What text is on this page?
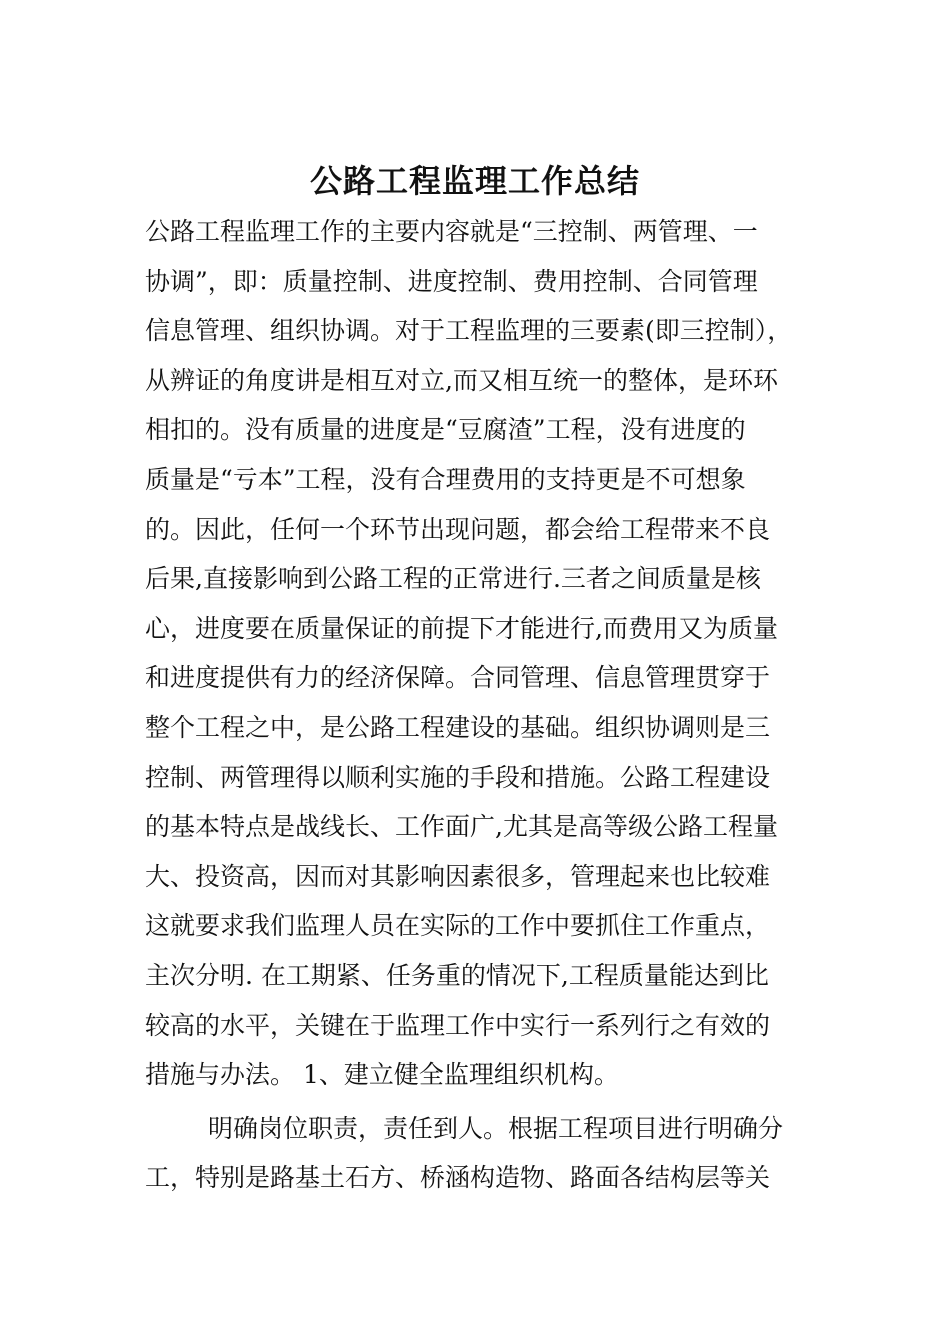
公路工程监理工作总结
公路工程监理工作的主要内容就是“三控制、两管理、一
协调”，即：质量控制、进度控制、费用控制、合同管理
信息管理、组织协调。对于工程监理的三要素(即三控制），
从辨证的角度讲是相互对立,而又相互统一的整体，是环环
相扣的。没有质量的进度是“豆腐渣”工程，没有进度的
质量是“亏本”工程，没有合理费用的支持更是不可想象
的。因此，任何一个环节出现问题，都会给工程带来不良
后果,直接影响到公路工程的正常进行.三者之间质量是核
心，进度要在质量保证的前提下才能进行,而费用又为质量
和进度提供有力的经济保障。合同管理、信息管理贯穿于
整个工程之中，是公路工程建设的基础。组织协调则是三
控制、两管理得以顺利实施的手段和措施。公路工程建设
的基本特点是战线长、工作面广,尤其是高等级公路工程量
大、投资高，因而对其影响因素很多，管理起来也比较难
这就要求我们监理人员在实际的工作中要抓住工作重点，
主次分明. 在工期紧、任务重的情况下,工程质量能达到比
较高的水平，关键在于监理工作中实行一系列行之有效的
措施与办法。 1、建立健全监理组织机构。
明确岗位职责，责任到人。根据工程项目进行明确分
工，特别是路基土石方、桥涵构造物、路面各结构层等关
